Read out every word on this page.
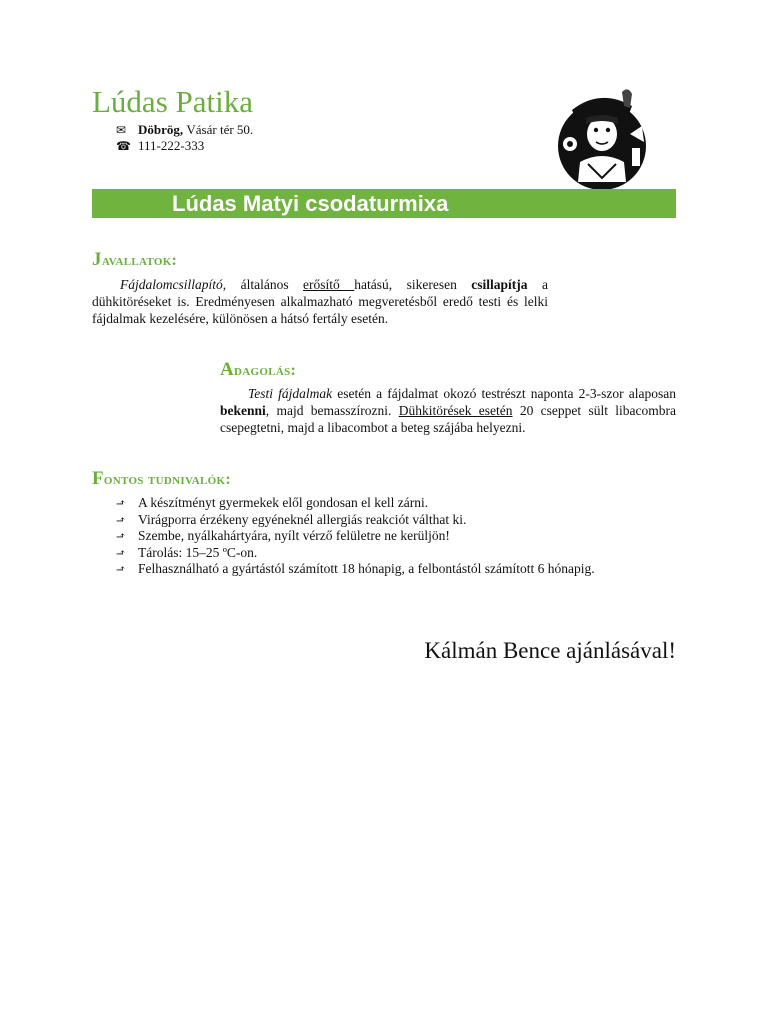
Lúdas Patika
✉ Döbrög,
Vásár tér 50.
☎ 111-222-333
Lúdas Matyi csodaturmixa
Javallatok:
Fájdalomcsillapító, általános erősítő hatású, sikeresen csillapítja a dühkitöréseket is. Eredményesen alkalmazható megveretésből eredő testi és lelki fájdalmak kezelésére, különösen a hátsó fertály esetén.
Adagolás:
Testi fájdalmak esetén a fájdalmat okozó testrészt naponta 2-3-szor alaposan bekenni, majd bemasszírozni. Dühkitörések esetén 20 cseppet sült libacombra csepegtetni, majd a libacombot a beteg szájába helyezni.
Fontos tudnivalók:
⬏ A készítményt gyermekek elől gondosan el kell zárni.
⬏ Virágporra érzékeny egyéneknél allergiás reakciót válthat ki.
⬏ Szembe, nyálkahártyára, nyílt vérző felületre ne kerüljön!
⬏ Tárolás: 15–25 ºC-on.
⬏ Felhasználható a gyártástól számított 18 hónapig, a felbontástól számított 6 hónapig.
Kálmán Bence ajánlásával!
